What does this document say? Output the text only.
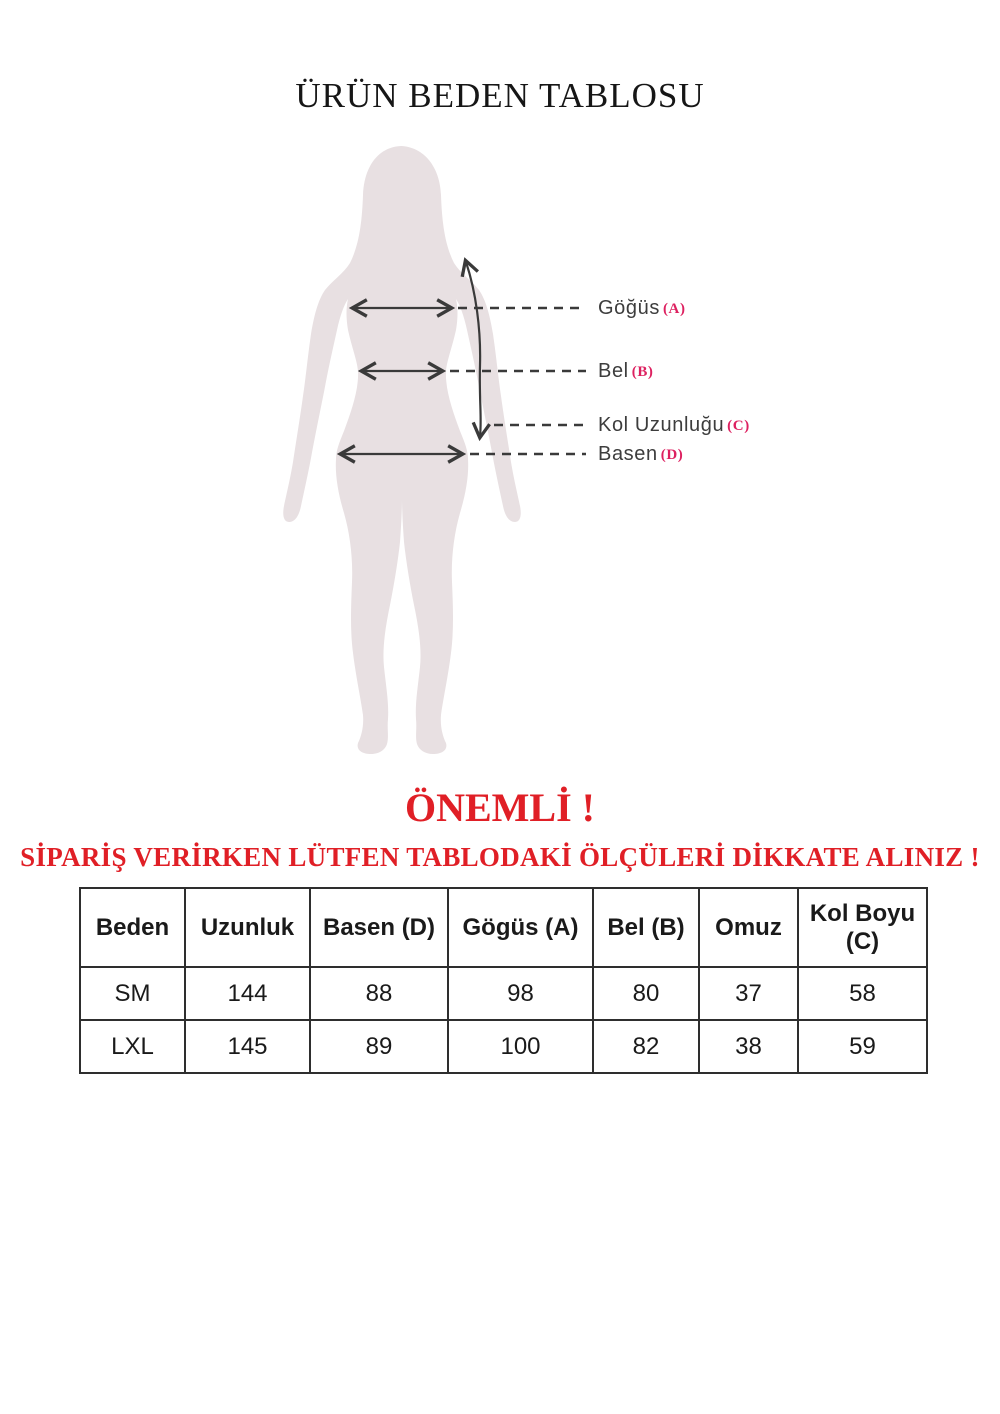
ÜRÜN BEDEN TABLOSU
Göğüs (A)
Bel (B)
Kol Uzunluğu (C)
Basen (D)
ÖNEMLİ !

SİPARİŞ VERİRKEN LÜTFEN TABLODAKİ ÖLÇÜLERİ DİKKATE ALINIZ !

Beden	Uzunluk	Basen (D)	Gögüs (A)	Bel (B)	Omuz	Kol Boyu (C)
SM	144	88	98	80	37	58
LXL	145	89	100	82	38	59
